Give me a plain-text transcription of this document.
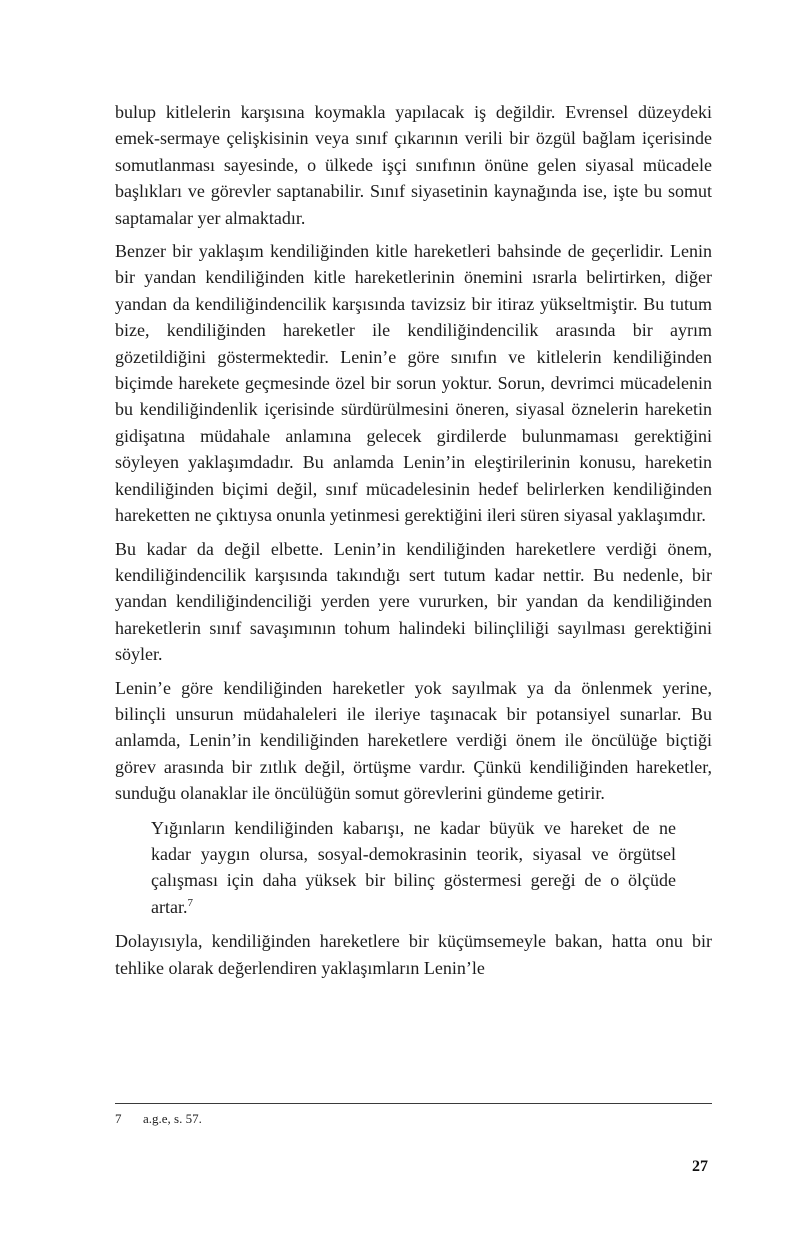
bulup kitlelerin karşısına koymakla yapılacak iş değildir. Evrensel düzeydeki emek-sermaye çelişkisinin veya sınıf çıkarının verili bir özgül bağlam içerisinde somutlanması sayesinde, o ülkede işçi sınıfının önüne gelen siyasal mücadele başlıkları ve görevler saptanabilir. Sınıf siyasetinin kaynağında ise, işte bu somut saptamalar yer almaktadır.

Benzer bir yaklaşım kendiliğinden kitle hareketleri bahsinde de geçerlidir. Lenin bir yandan kendiliğinden kitle hareketlerinin önemini ısrarla belirtirken, diğer yandan da kendiliğindencilik karşısında tavizsiz bir itiraz yükseltmiştir. Bu tutum bize, kendiliğinden hareketler ile kendiliğindencilik arasında bir ayrım gözetildiğini göstermektedir. Lenin’e göre sınıfın ve kitlelerin kendiliğinden biçimde harekete geçmesinde özel bir sorun yoktur. Sorun, devrimci mücadelenin bu kendiliğindenlik içerisinde sürdürülmesini öneren, siyasal öznelerin hareketin gidişatına müdahale anlamına gelecek girdilerde bulunmaması gerektiğini söyleyen yaklaşımdadır. Bu anlamda Lenin’in eleştirilerinin konusu, hareketin kendiliğinden biçimi değil, sınıf mücadelesinin hedef belirlerken kendiliğinden hareketten ne çıktıysa onunla yetinmesi gerektiğini ileri süren siyasal yaklaşımdır.

Bu kadar da değil elbette. Lenin’in kendiliğinden hareketlere verdiği önem, kendiliğindencilik karşısında takındığı sert tutum kadar nettir. Bu nedenle, bir yandan kendiliğindenciliği yerden yere vururken, bir yandan da kendiliğinden hareketlerin sınıf savaşımının tohum halindeki bilinçliliği sayılması gerektiğini söyler.

Lenin’e göre kendiliğinden hareketler yok sayılmak ya da önlenmek yerine, bilinçli unsurun müdahaleleri ile ileriye taşınacak bir potansiyel sunarlar. Bu anlamda, Lenin’in kendiliğinden hareketlere verdiği önem ile öncülüğe biçtiği görev arasında bir zıtlık değil, örtüşme vardır. Çünkü kendiliğinden hareketler, sunduğu olanaklar ile öncülüğün somut görevlerini gündeme getirir.

Yığınların kendiliğinden kabarışı, ne kadar büyük ve hareket de ne kadar yaygın olursa, sosyal-demokrasinin teorik, siyasal ve örgütsel çalışması için daha yüksek bir bilinç göstermesi gereği de o ölçüde artar.$^7$

Dolayısıyla, kendiliğinden hareketlere bir küçümsemeyle bakan, hatta onu bir tehlike olarak değerlendiren yaklaşımların Lenin’le

7 a.g.e, s. 57.
27
